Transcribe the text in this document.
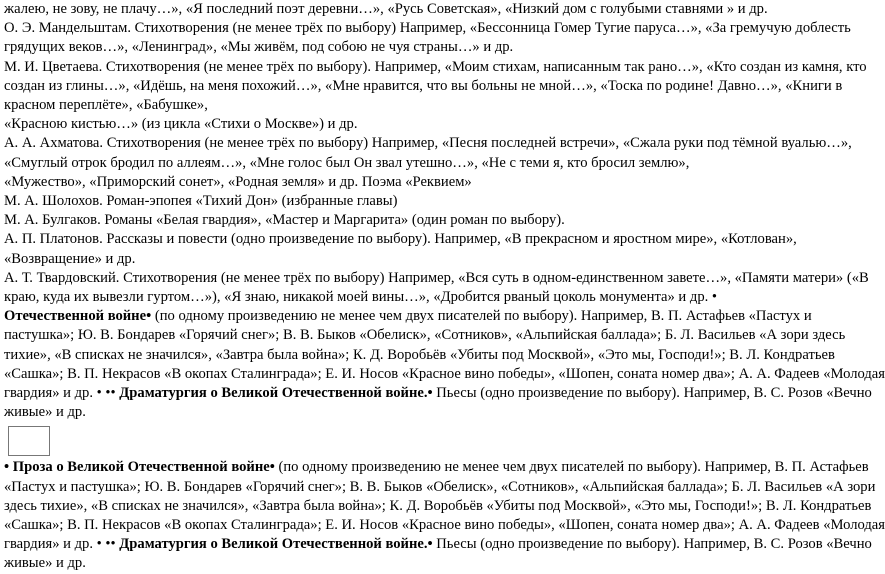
жалею, не зову, не плачу…», «Я последний поэт деревни…», «Русь Советская», «Низкий дом с голубыми ставнями » и др.
О. Э. Мандельштам. Стихотворения (не менее трёх по выбору) Например, «Бессонница Гомер Тугие паруса…», «За гремучую доблесть
грядущих веков…», «Ленинград», «Мы живём, под собою не чуя страны…» и др.
М. И. Цветаева. Стихотворения (не менее трёх по выбору). Например, «Моим стихам, написанным так рано…», «Кто создан из камня, кто
создан из глины…», «Идёшь, на меня похожий…», «Мне нравится, что вы больны не мной…», «Тоска по родине! Давно…», «Книги в
красном переплёте», «Бабушке»,
«Красною кистью…» (из цикла «Стихи о Москве») и др.
А. А. Ахматова. Стихотворения (не менее трёх по выбору) Например, «Песня последней встречи», «Сжала руки под тёмной вуалью…»,
«Смуглый отрок бродил по аллеям…», «Мне голос был Он звал утешно…», «Не с теми я, кто бросил землю»,
«Мужество», «Приморский сонет», «Родная земля» и др. Поэма «Реквием»
М. А. Шолохов. Роман-эпопея «Тихий Дон» (избранные главы)
М. А. Булгаков. Романы «Белая гвардия», «Мастер и Маргарита» (один роман по выбору).
А. П. Платонов. Рассказы и повести (одно произведение по выбору). Например, «В прекрасном и яростном мире», «Котлован»,
«Возвращение» и др.
А. Т. Твардовский. Стихотворения (не менее трёх по выбору) Например, «Вся суть в одном-единственном завете…», «Памяти матери» («В
краю, куда их вывезли гуртом…»), «Я знаю, никакой моей вины…», «Дробится рваный цоколь монумента» и др. •
Отечественной войне• (по одному произведению не менее чем двух писателей по выбору). Например, В. П. Астафьев «Пастух и
пастушка»; Ю. В. Бондарев «Горячий снег»; В. В. Быков «Обелиск», «Сотников», «Альпийская баллада»; Б. Л. Васильев «А зори здесь
тихие», «В списках не значился», «Завтра была война»; К. Д. Воробьёв «Убиты под Москвой», «Это мы, Господи!»; В. Л. Кондратьев
«Сашка»; В. П. Некрасов «В окопах Сталинграда»; Е. И. Носов «Красное вино победы», «Шопен, соната номер два»; А. А. Фадеев «Молодая
гвардия» и др. • •• Драматургия о Великой Отечественной войне.• Пьесы (одно произведение по выбору). Например, В. С. Розов «Вечно
живые» и др.
• Проза о Великой Отечественной войне• (по одному произведению не менее чем двух писателей по выбору). Например, В. П. Астафьев
«Пастух и пастушка»; Ю. В. Бондарев «Горячий снег»; В. В. Быков «Обелиск», «Сотников», «Альпийская баллада»; Б. Л. Васильев «А зори
здесь тихие», «В списках не значился», «Завтра была война»; К. Д. Воробьёв «Убиты под Москвой», «Это мы, Господи!»; В. Л. Кондратьев
«Сашка»; В. П. Некрасов «В окопах Сталинграда»; Е. И. Носов «Красное вино победы», «Шопен, соната номер два»; А. А. Фадеев «Молодая
гвардия» и др. • •• Драматургия о Великой Отечественной войне.• Пьесы (одно произведение по выбору). Например, В. С. Розов «Вечно
живые» и др.
